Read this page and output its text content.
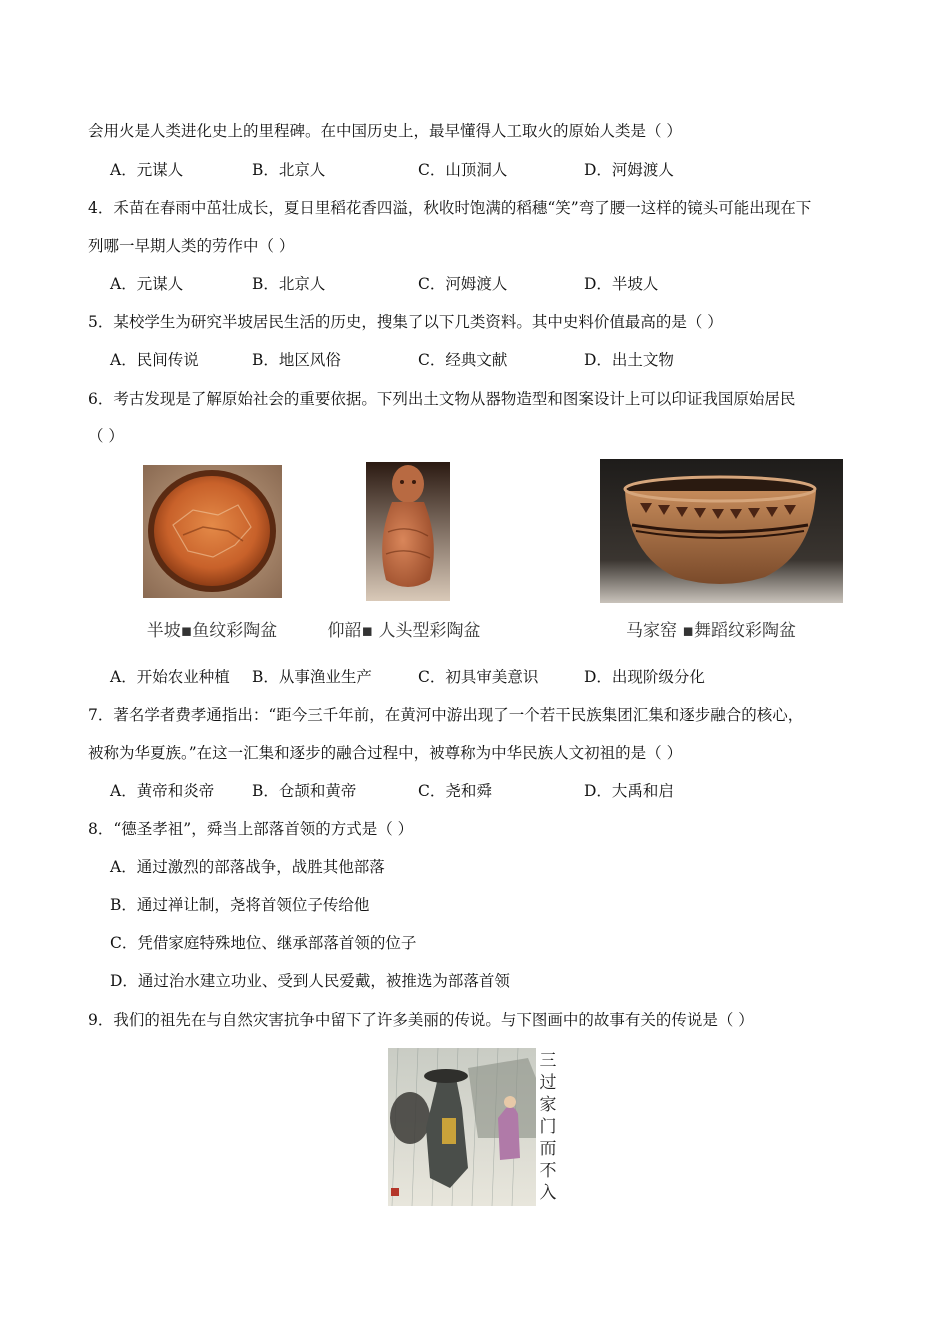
会用火是人类进化史上的里程碑。在中国历史上，最早懂得人工取火的原始人类是（ ）
A．元谋人	B．北京人	C．山顶洞人	D．河姆渡人
4．禾苗在春雨中茁壮成长，夏日里稻花香四溢，秋收时饱满的稻穗“笑”弯了腰一这样的镜头可能出现在下
列哪一早期人类的劳作中（ ）
A．元谋人	B．北京人	C．河姆渡人	D．半坡人
5．某校学生为研究半坡居民生活的历史，搜集了以下几类资料。其中史料价值最高的是（ ）
A．民间传说	B．地区风俗	C．经典文献	D．出土文物
6．考古发现是了解原始社会的重要依据。下列出土文物从器物造型和图案设计上可以印证我国原始居民
（ ）
半坡▪鱼纹彩陶盆	仰韶▪ 人头型彩陶盆	马家窑 ▪舞蹈纹彩陶盆
A．开始农业种植 B．从事渔业生产	C．初具审美意识	D．出现阶级分化
7．著名学者费孝通指出：“距今三千年前，在黄河中游出现了一个若干民族集团汇集和逐步融合的核心，
被称为华夏族。”在这一汇集和逐步的融合过程中，被尊称为中华民族人文初祖的是（ ）
A．黄帝和炎帝 B．仓颉和黄帝	C．尧和舜	D．大禹和启
8．“德圣孝祖”，舜当上部落首领的方式是（ ）
A．通过激烈的部落战争，战胜其他部落
B．通过禅让制，尧将首领位子传给他
C．凭借家庭特殊地位、继承部落首领的位子
D．通过治水建立功业、受到人民爱戴，被推选为部落首领
9．我们的祖先在与自然灾害抗争中留下了许多美丽的传说。与下图画中的故事有关的传说是（ ）
三
过
家
门
而
不
入
